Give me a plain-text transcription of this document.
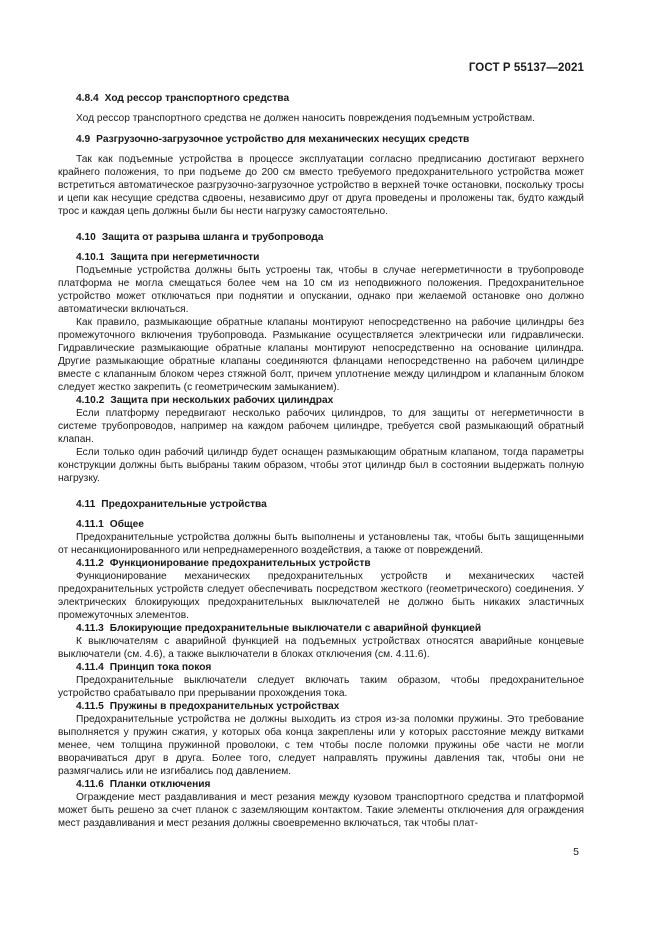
ГОСТ Р 55137—2021
4.8.4 Ход рессор транспортного средства

Ход рессор транспортного средства не должен наносить повреждения подъемным устройствам.

4.9 Разгрузочно-загрузочное устройство для механических несущих средств

Так как подъемные устройства в процессе эксплуатации согласно предписанию достигают верхнего крайнего положения, то при подъеме до 200 см вместо требуемого предохранительного устройства может встретиться автоматическое разгрузочно-загрузочное устройство в верхней точке остановки, поскольку тросы и цепи как несущие средства сдвоены, независимо друг от друга проведены и проложены так, будто каждый трос и каждая цепь должны были бы нести нагрузку самостоятельно.

4.10 Защита от разрыва шланга и трубопровода
4.10.1 Защита при негерметичности

Подъемные устройства должны быть устроены так, чтобы в случае негерметичности в трубопроводе платформа не могла смещаться более чем на 10 см из неподвижного положения. Предохранительное устройство может отключаться при поднятии и опускании, однако при желаемой остановке оно должно автоматически включаться.

Как правило, размыкающие обратные клапаны монтируют непосредственно на рабочие цилиндры без промежуточного включения трубопровода. Размыкание осуществляется электрически или гидравлически. Гидравлические размыкающие обратные клапаны монтируют непосредственно на основание цилиндра. Другие размыкающие обратные клапаны соединяются фланцами непосредственно на рабочем цилиндре вместе с клапанным блоком через стяжной болт, причем уплотнение между цилиндром и клапанным блоком следует жестко закрепить (с геометрическим замыканием).

4.10.2 Защита при нескольких рабочих цилиндрах

Если платформу передвигают несколько рабочих цилиндров, то для защиты от негерметичности в системе трубопроводов, например на каждом рабочем цилиндре, требуется свой размыкающий обратный клапан.

Если только один рабочий цилиндр будет оснащен размыкающим обратным клапаном, тогда параметры конструкции должны быть выбраны таким образом, чтобы этот цилиндр был в состоянии выдержать полную нагрузку.

4.11 Предохранительные устройства
4.11.1 Общее

Предохранительные устройства должны быть выполнены и установлены так, чтобы быть защищенными от несанкционированного или непреднамеренного воздействия, а также от повреждений.

4.11.2 Функционирование предохранительных устройств

Функционирование механических предохранительных устройств и механических частей предохранительных устройств следует обеспечивать посредством жесткого (геометрического) соединения. У электрических блокирующих предохранительных выключателей не должно быть никаких эластичных промежуточных элементов.

4.11.3 Блокирующие предохранительные выключатели с аварийной функцией

К выключателям с аварийной функцией на подъемных устройствах относятся аварийные концевые выключатели (см. 4.6), а также выключатели в блоках отключения (см. 4.11.6).

4.11.4 Принцип тока покоя

Предохранительные выключатели следует включать таким образом, чтобы предохранительное устройство срабатывало при прерывании прохождения тока.

4.11.5 Пружины в предохранительных устройствах

Предохранительные устройства не должны выходить из строя из-за поломки пружины. Это требование выполняется у пружин сжатия, у которых оба конца закреплены или у которых расстояние между витками менее, чем толщина пружинной проволоки, с тем чтобы после поломки пружины обе части не могли вворачиваться друг в друга. Более того, следует направлять пружины давления так, чтобы они не размягчались или не изгибались под давлением.

4.11.6 Планки отключения

Ограждение мест раздавливания и мест резания между кузовом транспортного средства и платформой может быть решено за счет планок с заземляющим контактом. Такие элементы отключения для ограждения мест раздавливания и мест резания должны своевременно включаться, так чтобы плат-

5
